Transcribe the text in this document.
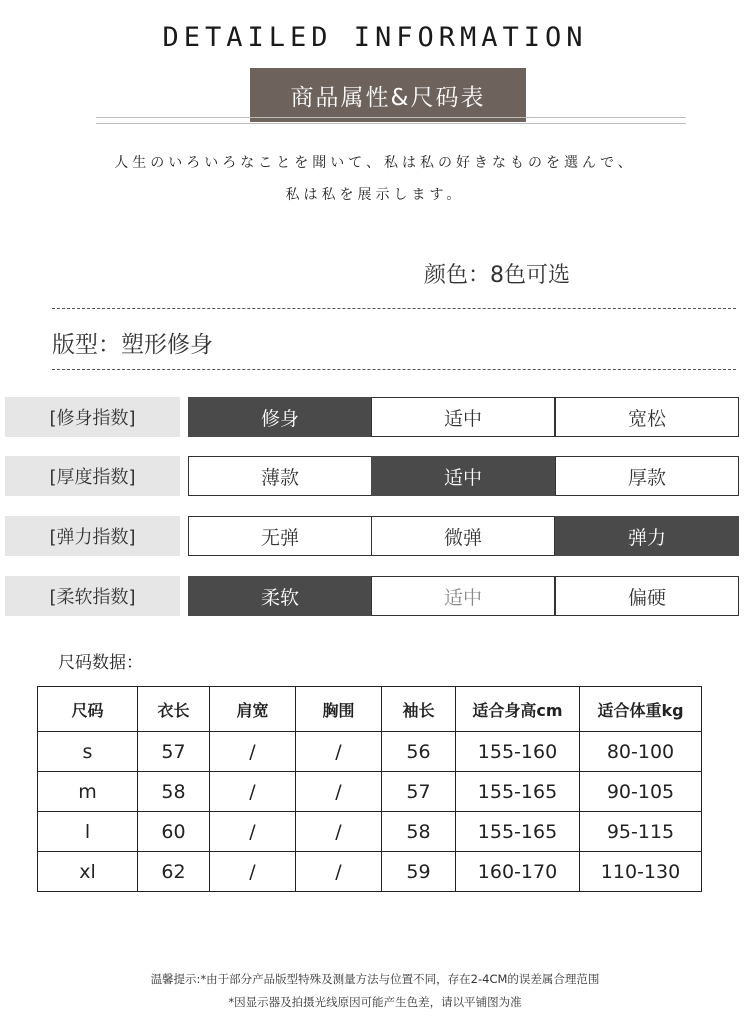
DETAILED INFORMATION
商品属性&尺码表
人生のいろいろなことを聞いて、私は私の好きなものを選んで、
私は私を展示します。
颜色：8色可选
版型：塑形修身
[修身指数]	修身	适中	宽松
[厚度指数]	薄款	适中	厚款
[弹力指数]	无弹	微弹	弹力
[柔软指数]	柔软	适中	偏硬
尺码数据：
尺码	衣长	肩宽	胸围	袖长	适合身高cm	适合体重kg
s	57	/	/	56	155-160	80-100
m	58	/	/	57	155-165	90-105
l	60	/	/	58	155-165	95-115
xl	62	/	/	59	160-170	110-130
温馨提示:*由于部分产品版型特殊及测量方法与位置不同，存在2-4CM的误差属合理范围
*因显示器及拍摄光线原因可能产生色差，请以平铺图为准
